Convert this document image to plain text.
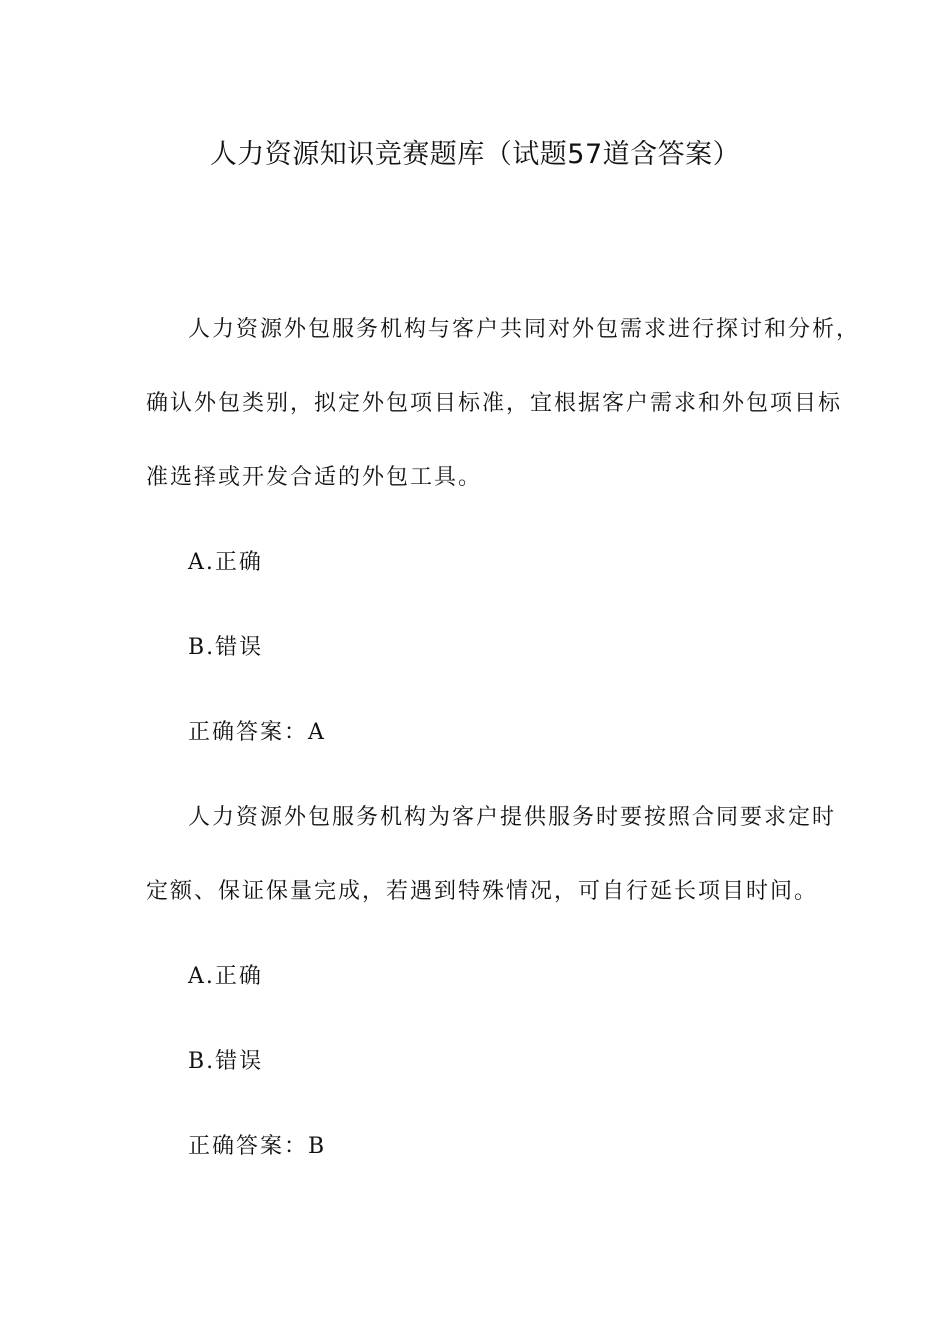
人力资源知识竞赛题库（试题57道含答案）

人力资源外包服务机构与客户共同对外包需求进行探讨和分析，

确认外包类别，拟定外包项目标准，宜根据客户需求和外包项目标

准选择或开发合适的外包工具。

A.正确

B.错误

正确答案：A

人力资源外包服务机构为客户提供服务时要按照合同要求定时

定额、保证保量完成，若遇到特殊情况，可自行延长项目时间。

A.正确

B.错误

正确答案：B
